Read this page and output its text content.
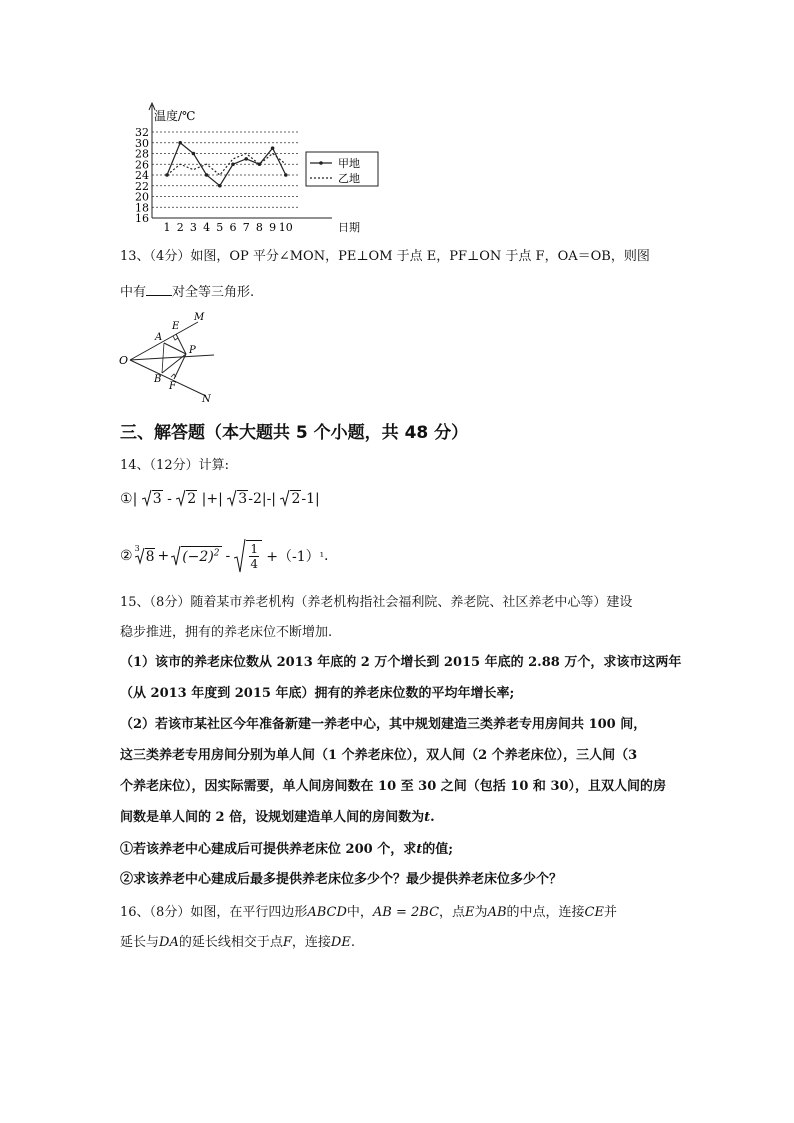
16
18
20
22
24
26
28
30
32
1 2 3 4 5 6 7 8 9 10
温度/℃
日期
甲地
乙地
13、（4分）如图，OP 平分∠MON，PE⊥OM 于点 E，PF⊥ON 于点 F，OA＝OB，则图
中有 对全等三角形.
O
A
E
M
P
B
F
N
三、解答题（本大题共 5 个小题，共 48 分）
14、（12分）计算:
①| 3 - 2 |+| 3-2|-| 2-1|
② 3
$8 + (-2)^2 - 1$
4 +（-1） ¹ .
15、（8分）随着某市养老机构（养老机构指社会福利院、养老院、社区养老中心等）建设
稳步推进，拥有的养老床位不断增加.
（1）该市的养老床位数从 2013 年底的 2 万个增长到 2015 年底的 2.88 万个，求该市这两年
（从 2013 年度到 2015 年底）拥有的养老床位数的平均年增长率;
（2）若该市某社区今年准备新建一养老中心，其中规划建造三类养老专用房间共 100 间，
这三类养老专用房间分别为单人间（1 个养老床位），双人间（2 个养老床位），三人间（3
个养老床位），因实际需要，单人间房间数在 10 至 30 之间（包括 10 和 30），且双人间的房
间数是单人间的 2 倍，设规划建造单人间的房间数为t.
①若该养老中心建成后可提供养老床位 200 个，求t的值;
②求该养老中心建成后最多提供养老床位多少个？最少提供养老床位多少个？
16、（8分）如图，在平行四边形ABCD中，AB = 2BC，点E为AB的中点，连接CE并
延长与DA的延长线相交于点F，连接DE.
